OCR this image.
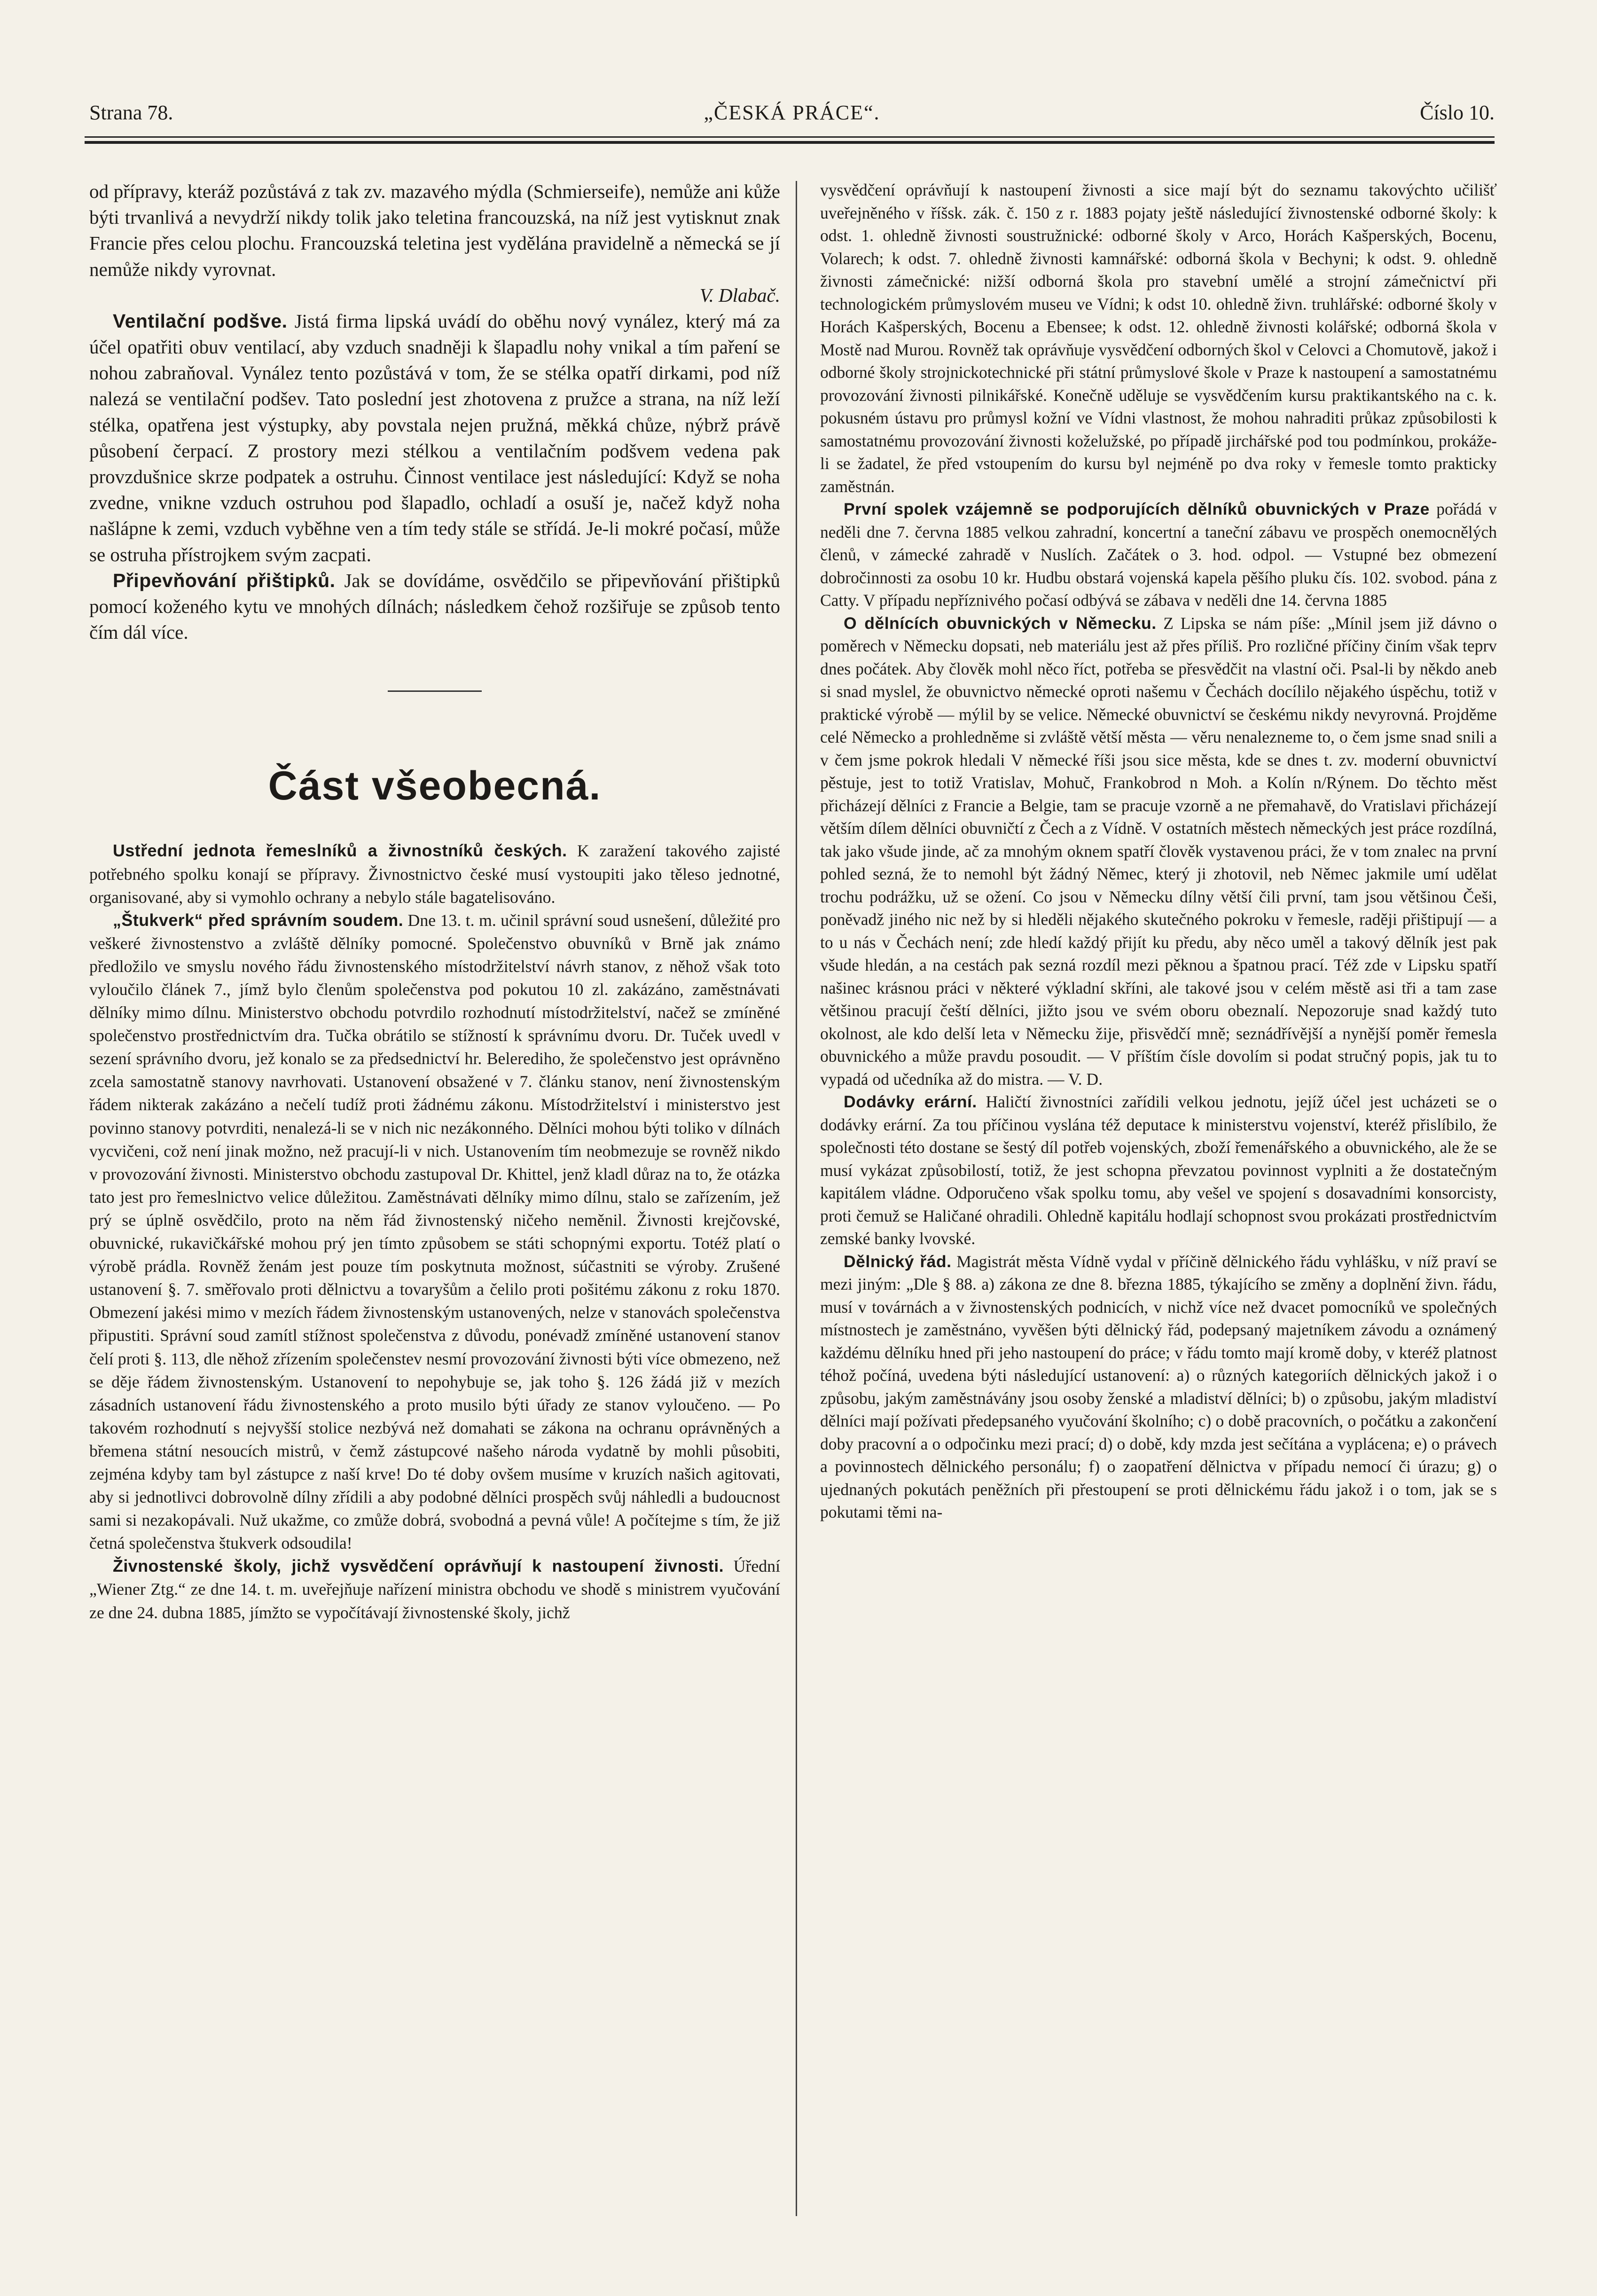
Strana 78.	„ČESKÁ PRÁCE“.	Číslo 10.

od přípravy, kteráž pozůstává z tak zv. mazavého mýdla (Schmierseife), nemůže ani kůže býti trvanlivá a nevydrží nikdy tolik jako teletina francouzská, na níž jest vytisknut znak Francie přes celou plochu. Francouzská teletina jest vydělána pravidelně a německá se jí nemůže nikdy vyrovnat.

V. Dlabač.

Ventilační podšve. Jistá firma lipská uvádí do oběhu nový vynález, který má za účel opatřiti obuv ventilací, aby vzduch snadněji k šlapadlu nohy vnikal a tím paření se nohou zabraňoval. Vynález tento pozůstává v tom, že se stélka opatří dirkami, pod níž nalezá se ventilační podšev. Tato poslední jest zhotovena z pružce a strana, na níž leží stélka, opatřena jest výstupky, aby povstala nejen pružná, měkká chůze, nýbrž právě působení čerpací. Z prostory mezi stélkou a ventilačním podšvem vedena pak provzdušnice skrze podpatek a ostruhu. Činnost ventilace jest následující: Když se noha zvedne, vnikne vzduch ostruhou pod šlapadlo, ochladí a osuší je, načež když noha našlápne k zemi, vzduch vyběhne ven a tím tedy stále se střídá. Je-li mokré počasí, může se ostruha přístrojkem svým zacpati.

Připevňování přištipků. Jak se dovídáme, osvědčilo se připevňování přištipků pomocí koženého kytu ve mnohých dílnách; následkem čehož rozšiřuje se způsob tento čím dál více.

Část všeobecná.

Ustřední jednota řemeslníků a živnostníků českých. K zaražení takového zajisté potřebného spolku konají se přípravy. Živnostnictvo české musí vystoupiti jako těleso jednotné, organisované, aby si vymohlo ochrany a nebylo stále bagatelisováno.

„Štukverk“ před správním soudem. Dne 13. t. m. učinil správní soud usnešení, důležité pro veškeré živnostenstvo a zvláště dělníky pomocné. Společenstvo obuvníků v Brně jak známo předložilo ve smyslu nového řádu živnostenského místodržitelství návrh stanov, z něhož však toto vyloučilo článek 7., jímž bylo členům společenstva pod pokutou 10 zl. zakázáno, zaměstnávati dělníky mimo dílnu. Ministerstvo obchodu potvrdilo rozhodnutí místodržitelství, načež se zmíněné společenstvo prostřednictvím dra. Tučka obrátilo se stížností k správnímu dvoru. Dr. Tuček uvedl v sezení správního dvoru, jež konalo se za předsednictví hr. Belerediho, že společenstvo jest oprávněno zcela samostatně stanovy navrhovati. Ustanovení obsažené v 7. článku stanov, není živnostenským řádem nikterak zakázáno a nečelí tudíž proti žádnému zákonu. Místodržitelství i ministerstvo jest povinno stanovy potvrditi, nenalezá-li se v nich nic nezákonného. Dělníci mohou býti toliko v dílnách vycvičeni, což není jinak možno, než pracují-li v nich. Ustanovením tím neobmezuje se rovněž nikdo v provozování živnosti. Ministerstvo obchodu zastupoval Dr. Khittel, jenž kladl důraz na to, že otázka tato jest pro řemeslnictvo velice důležitou. Zaměstnávati dělníky mimo dílnu, stalo se zařízením, jež prý se úplně osvědčilo, proto na něm řád živnostenský ničeho neměnil. Živnosti krejčovské, obuvnické, rukavičkářské mohou prý jen tímto způsobem se státi schopnými exportu. Totéž platí o výrobě prádla. Rovněž ženám jest pouze tím poskytnuta možnost, súčastniti se výroby. Zrušené ustanovení §. 7. směřovalo proti dělnictvu a tovaryšům a čelilo proti pošitému zákonu z roku 1870. Obmezení jakési mimo v mezích řádem živnostenským ustanovených, nelze v stanovách společenstva připustiti. Správní soud zamítl stížnost společenstva z důvodu, ponévadž zmíněné ustanovení stanov čelí proti §. 113, dle něhož zřízením společenstev nesmí provozování živnosti býti více obmezeno, než se děje řádem živnostenským. Ustanovení to nepohybuje se, jak toho §. 126 žádá již v mezích zásadních ustanovení řádu živnostenského a proto musilo býti úřady ze stanov vyloučeno. — Po takovém rozhodnutí s nejvyšší stolice nezbývá než domahati se zákona na ochranu oprávněných a břemena státní nesoucích mistrů, v čemž zástupcové našeho národa vydatně by mohli působiti, zejména kdyby tam byl zástupce z naší krve! Do té doby ovšem musíme v kruzích našich agitovati, aby si jednotlivci dobrovolně dílny zřídili a aby podobné dělníci prospěch svůj náhledli a budoucnost sami si nezakopávali. Nuž ukažme, co zmůže dobrá, svobodná a pevná vůle! A počítejme s tím, že již četná společenstva štukverk odsoudila!

Živnostenské školy, jichž vysvědčení oprávňují k nastoupení živnosti. Úřední „Wiener Ztg.“ ze dne 14. t. m. uveřejňuje nařízení ministra obchodu ve shodě s ministrem vyučování ze dne 24. dubna 1885, jímžto se vypočítávají živnostenské školy, jichž

vysvědčení oprávňují k nastoupení živnosti a sice mají být do seznamu takovýchto učilišť uveřejněného v říšsk. zák. č. 150 z r. 1883 pojaty ještě následující živnostenské odborné školy: k odst. 1. ohledně živnosti soustružnické: odborné školy v Arco, Horách Kašperských, Bocenu, Volarech; k odst. 7. ohledně živnosti kamnářské: odborná škola v Bechyni; k odst. 9. ohledně živnosti zámečnické: nižší odborná škola pro stavební umělé a strojní zámečnictví při technologickém průmyslovém museu ve Vídni; k odst 10. ohledně živn. truhlářské: odborné školy v Horách Kašperských, Bocenu a Ebensee; k odst. 12. ohledně živnosti kolářské; odborná škola v Mostě nad Murou. Rovněž tak oprávňuje vysvědčení odborných škol v Celovci a Chomutově, jakož i odborné školy strojnickotechnické při státní průmyslové škole v Praze k nastoupení a samostatnému provozování živnosti pilnikářské. Konečně uděluje se vysvědčením kursu praktikantského na c. k. pokusném ústavu pro průmysl kožní ve Vídni vlastnost, že mohou nahraditi průkaz způsobilosti k samostatnému provozování živnosti koželužské, po případě jirchářské pod tou podmínkou, prokáže-li se žadatel, že před vstoupením do kursu byl nejméně po dva roky v řemesle tomto prakticky zaměstnán.

První spolek vzájemně se podporujících dělníků obuvnických v Praze pořádá v neděli dne 7. června 1885 velkou zahradní, koncertní a taneční zábavu ve prospěch onemocnělých členů, v zámecké zahradě v Nuslích. Začátek o 3. hod. odpol. — Vstupné bez obmezení dobročinnosti za osobu 10 kr. Hudbu obstará vojenská kapela pěšího pluku čís. 102. svobod. pána z Catty. V případu nepříznivého počasí odbývá se zábava v neděli dne 14. června 1885

O dělnících obuvnických v Německu. Z Lipska se nám píše: „Mínil jsem již dávno o poměrech v Německu dopsati, neb materiálu jest až přes příliš. Pro rozličné příčiny činím však teprv dnes počátek. Aby člověk mohl něco říct, potřeba se přesvědčit na vlastní oči. Psal-li by někdo aneb si snad myslel, že obuvnictvo německé oproti našemu v Čechách docílilo nějakého úspěchu, totiž v praktické výrobě — mýlil by se velice. Německé obuvnictví se českému nikdy nevyrovná. Projděme celé Německo a prohledněme si zvláště větší města — věru nenalezneme to, o čem jsme snad snili a v čem jsme pokrok hledali V německé říši jsou sice města, kde se dnes t. zv. moderní obuvnictví pěstuje, jest to totiž Vratislav, Mohuč, Frankobrod n Moh. a Kolín n/Rýnem. Do těchto měst přicházejí dělníci z Francie a Belgie, tam se pracuje vzorně a ne přemahavě, do Vratislavi přicházejí větším dílem dělníci obuvničtí z Čech a z Vídně. V ostatních městech německých jest práce rozdílná, tak jako všude jinde, ač za mnohým oknem spatří člověk vystavenou práci, že v tom znalec na první pohled sezná, že to nemohl být žádný Němec, který ji zhotovil, neb Němec jakmile umí udělat trochu podrážku, už se ožení. Co jsou v Německu dílny větší čili první, tam jsou většinou Češi, poněvadž jiného nic než by si hleděli nějakého skutečného pokroku v řemesle, raději přištipují — a to u nás v Čechách není; zde hledí každý přijít ku předu, aby něco uměl a takový dělník jest pak všude hledán, a na cestách pak sezná rozdíl mezi pěknou a špatnou prací. Též zde v Lipsku spatří našinec krásnou práci v některé výkladní skříni, ale takové jsou v celém městě asi tři a tam zase většinou pracují čeští dělníci, jižto jsou ve svém oboru obeznalí. Nepozoruje snad každý tuto okolnost, ale kdo delší leta v Německu žije, přisvědčí mně; seznádřívější a nynější poměr řemesla obuvnického a může pravdu posoudit. — V příštím čísle dovolím si podat stručný popis, jak tu to vypadá od učedníka až do mistra. — V. D.

Dodávky erární. Haličtí živnostníci zařídili velkou jednotu, jejíž účel jest ucházeti se o dodávky erární. Za tou příčinou vyslána též deputace k ministerstvu vojenství, kteréž přislíbilo, že společnosti této dostane se šestý díl potřeb vojenských, zboží řemenářského a obuvnického, ale že se musí vykázat způsobilostí, totiž, že jest schopna převzatou povinnost vyplniti a že dostatečným kapitálem vládne. Odporučeno však spolku tomu, aby vešel ve spojení s dosavadními konsorcisty, proti čemuž se Haličané ohradili. Ohledně kapitálu hodlají schopnost svou prokázati prostřednictvím zemské banky lvovské.

Dělnický řád. Magistrát města Vídně vydal v příčině dělnického řádu vyhlášku, v níž praví se mezi jiným: „Dle § 88. a) zákona ze dne 8. března 1885, týkajícího se změny a doplnění živn. řádu, musí v továrnách a v živnostenských podnicích, v nichž více než dvacet pomocníků ve společných místnostech je zaměstnáno, vyvěšen býti dělnický řád, podepsaný majetníkem závodu a oznámený každému dělníku hned při jeho nastoupení do práce; v řádu tomto mají kromě doby, v kteréž platnost téhož počíná, uvedena býti následující ustanovení: a) o různých kategoriích dělnických jakož i o způsobu, jakým zaměstnávány jsou osoby ženské a mladiství dělníci; b) o způsobu, jakým mladiství dělníci mají požívati předepsaného vyučování školního; c) o době pracovních, o počátku a zakončení doby pracovní a o odpočinku mezi prací; d) o době, kdy mzda jest sečítána a vyplácena; e) o právech a povinnostech dělnického personálu; f) o zaopatření dělnictva v případu nemocí či úrazu; g) o ujednaných pokutách peněžních při přestoupení se proti dělnickému řádu jakož i o tom, jak se s pokutami těmi na-
